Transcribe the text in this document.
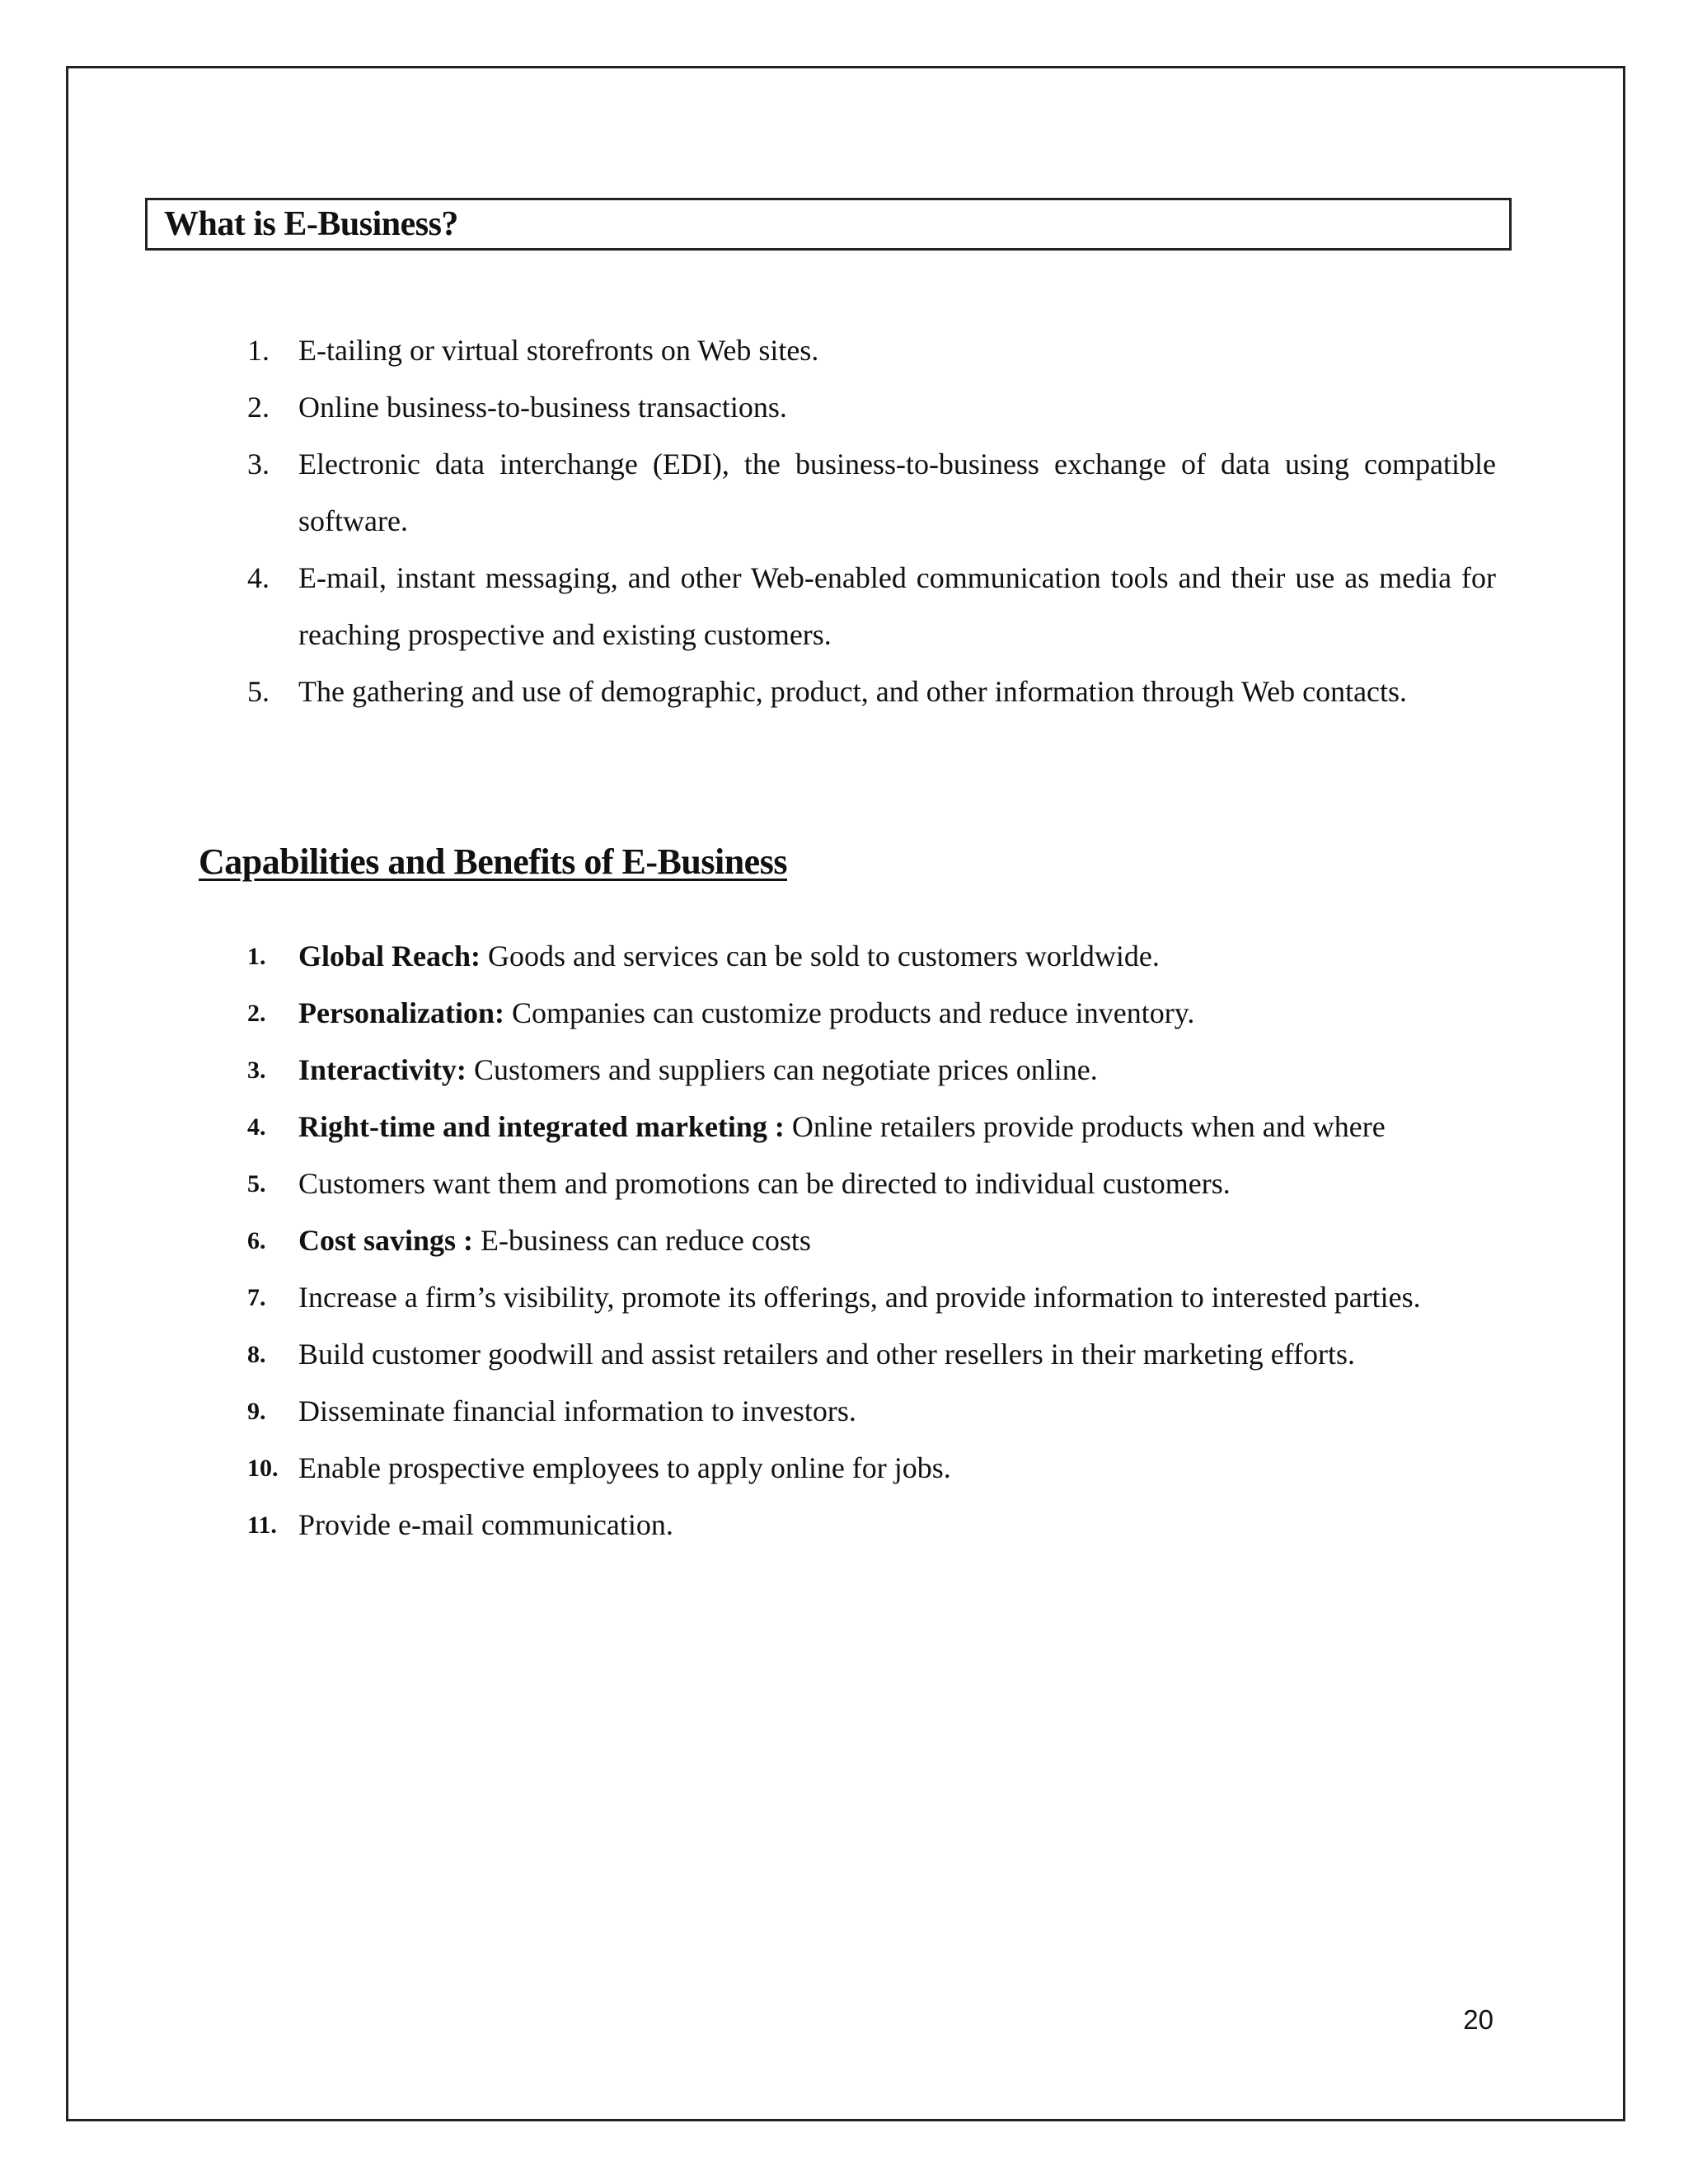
What is E-Business?
1. E-tailing or virtual storefronts on Web sites.
2. Online business-to-business transactions.
3. Electronic data interchange (EDI), the business-to-business exchange of data using compatible software.
4. E-mail, instant messaging, and other Web-enabled communication tools and their use as media for reaching prospective and existing customers.
5. The gathering and use of demographic, product, and other information through Web contacts.
Capabilities and Benefits of E-Business
1. Global Reach: Goods and services can be sold to customers worldwide.
2. Personalization: Companies can customize products and reduce inventory.
3. Interactivity: Customers and suppliers can negotiate prices online.
4. Right-time and integrated marketing : Online retailers provide products when and where
5. Customers want them and promotions can be directed to individual customers.
6. Cost savings : E-business can reduce costs
7. Increase a firm’s visibility, promote its offerings, and provide information to interested parties.
8. Build customer goodwill and assist retailers and other resellers in their marketing efforts.
9. Disseminate financial information to investors.
10. Enable prospective employees to apply online for jobs.
11. Provide e-mail communication.
20
